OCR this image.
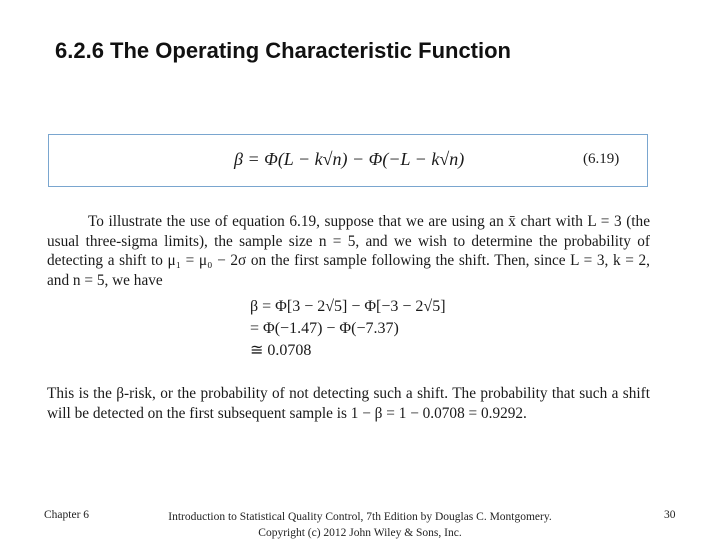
6.2.6 The Operating Characteristic Function
β = Φ(L − k√n) − Φ(−L − k√n)	(6.19)

To illustrate the use of equation 6.19, suppose that we are using an x̄ chart with L = 3 (the usual three-sigma limits), the sample size n = 5, and we wish to determine the probability of detecting a shift to μ₁ = μ₀ − 2σ on the first sample following the shift. Then, since L = 3, k = 2, and n = 5, we have

β = Φ[3 − 2√5] − Φ[−3 − 2√5]
= Φ(−1.47) − Φ(−7.37)
≅ 0.0708

This is the β-risk, or the probability of not detecting such a shift. The probability that such a shift will be detected on the first subsequent sample is 1 − β = 1 − 0.0708 = 0.9292.

Chapter 6	Introduction to Statistical Quality Control, 7th Edition by Douglas C. Montgomery.
Copyright (c) 2012 John Wiley & Sons, Inc.
30
